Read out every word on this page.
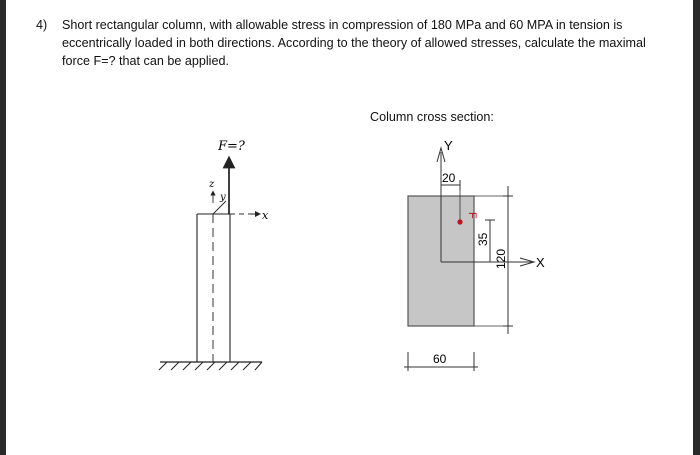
4) Short rectangular column, with allowable stress in compression of 180 MPa and 60 MPA in tension is eccentrically loaded in both directions. According to the theory of allowed stresses, calculate the maximal force F=? that can be applied.
Column cross section:
F=?
z
y
x
Y
X
20
F
35
120
60
